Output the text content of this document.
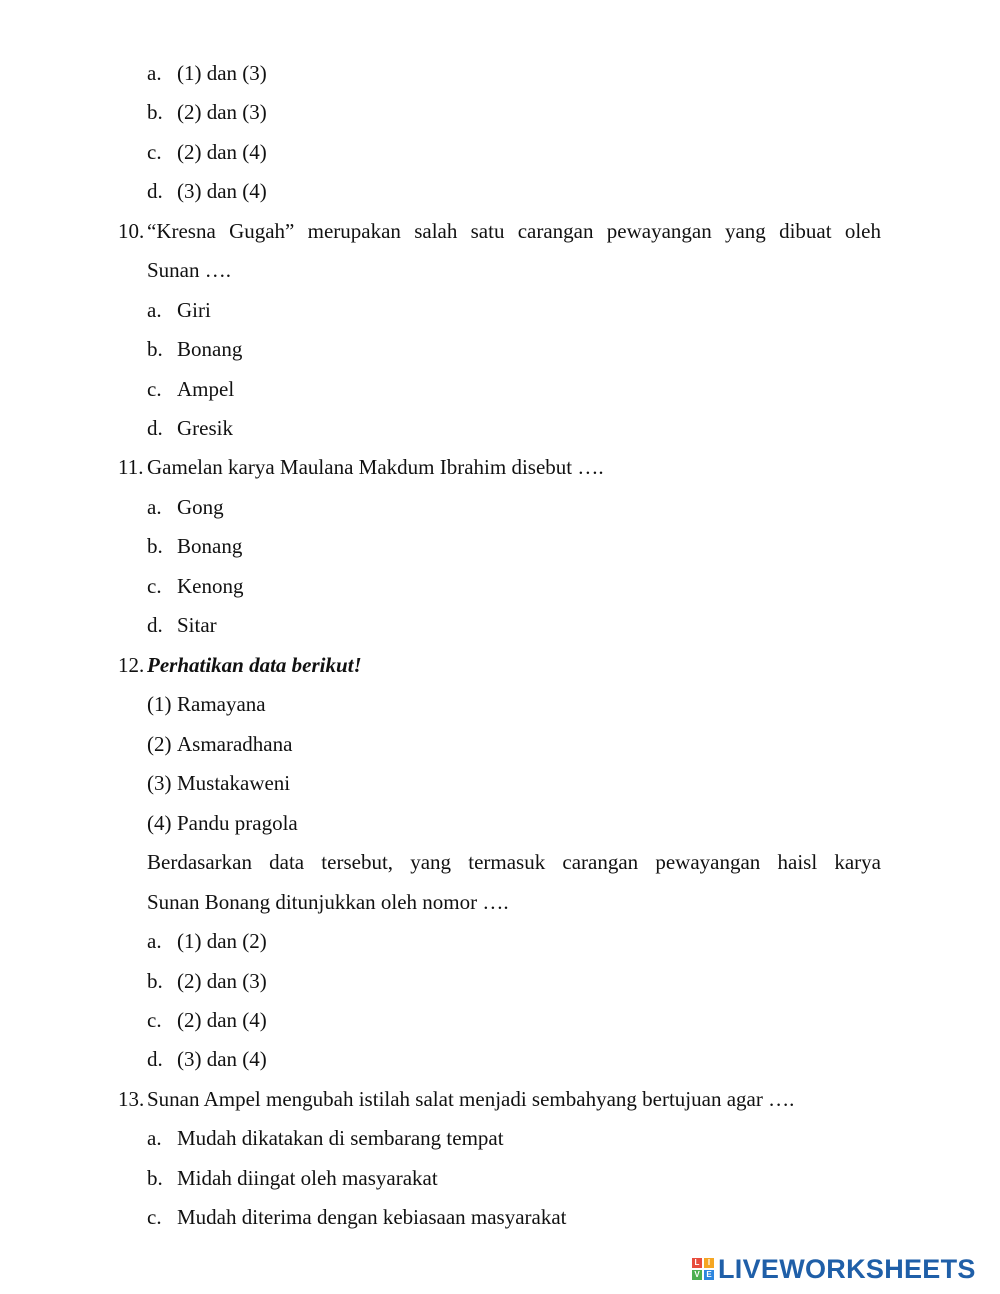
a. (1) dan (3)
b. (2) dan (3)
c. (2) dan (4)
d. (3) dan (4)
10. “Kresna Gugah” merupakan salah satu carangan pewayangan yang dibuat oleh
Sunan ….
a. Giri
b. Bonang
c. Ampel
d. Gresik
11. Gamelan karya Maulana Makdum Ibrahim disebut ….
a. Gong
b. Bonang
c. Kenong
d. Sitar
12. Perhatikan data berikut!
(1) Ramayana
(2) Asmaradhana
(3) Mustakaweni
(4) Pandu pragola
Berdasarkan data tersebut, yang termasuk carangan pewayangan haisl karya
Sunan Bonang ditunjukkan oleh nomor ….
a. (1) dan (2)
b. (2) dan (3)
c. (2) dan (4)
d. (3) dan (4)
13. Sunan Ampel mengubah istilah salat menjadi sembahyang bertujuan agar ….
a. Mudah dikatakan di sembarang tempat
b. Midah diingat oleh masyarakat
c. Mudah diterima dengan kebiasaan masyarakat
L	I
V E LIVEWORKSHEETS
